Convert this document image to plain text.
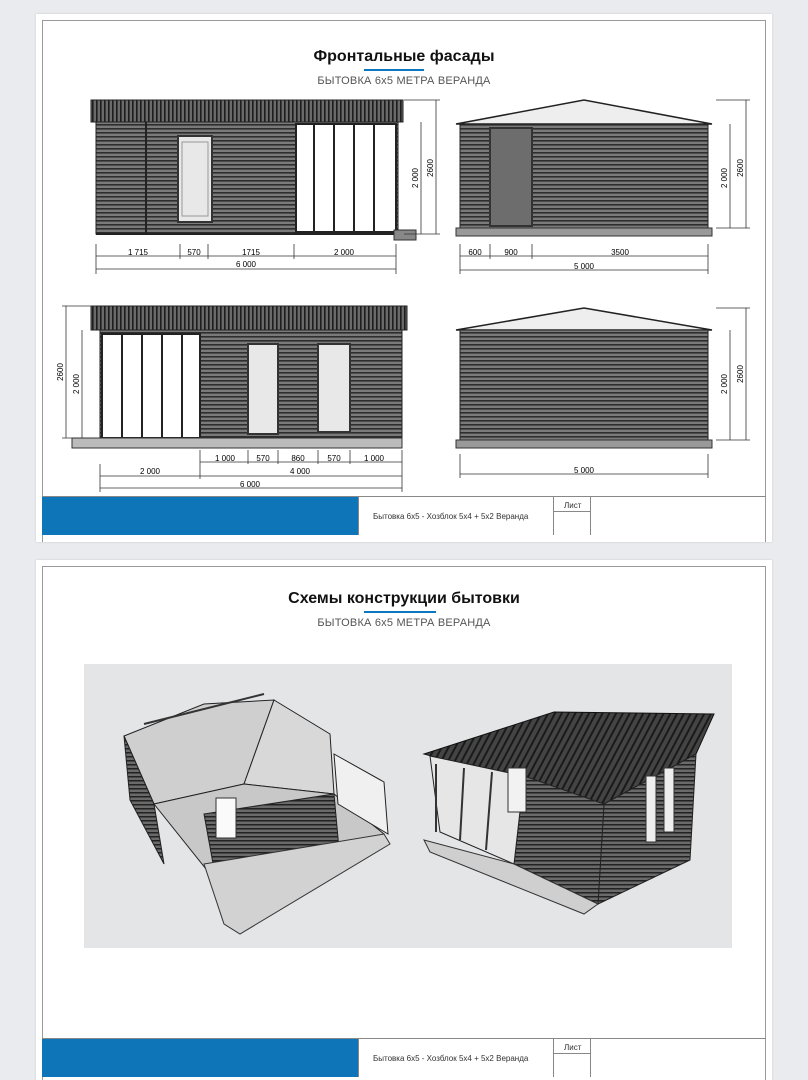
Фронтальные фасады
БЫТОВКА 6х5 МЕТРА ВЕРАНДА
1 715	570	1715	2 000
6 000
2 000 2600
600	900	3500
5 000
2 000 2600
1 000	570	860	570	1 000
2 000	4 000
6 000
2600
2 000
5 000
2 000 2600
Бытовка 6х5 - Хозблок 5х4 + 5х2 Веранда
Лист
Схемы конструкции бытовки
БЫТОВКА 6х5 МЕТРА ВЕРАНДА
Бытовка 6х5 - Хозблок 5х4 + 5х2 Веранда
Лист
